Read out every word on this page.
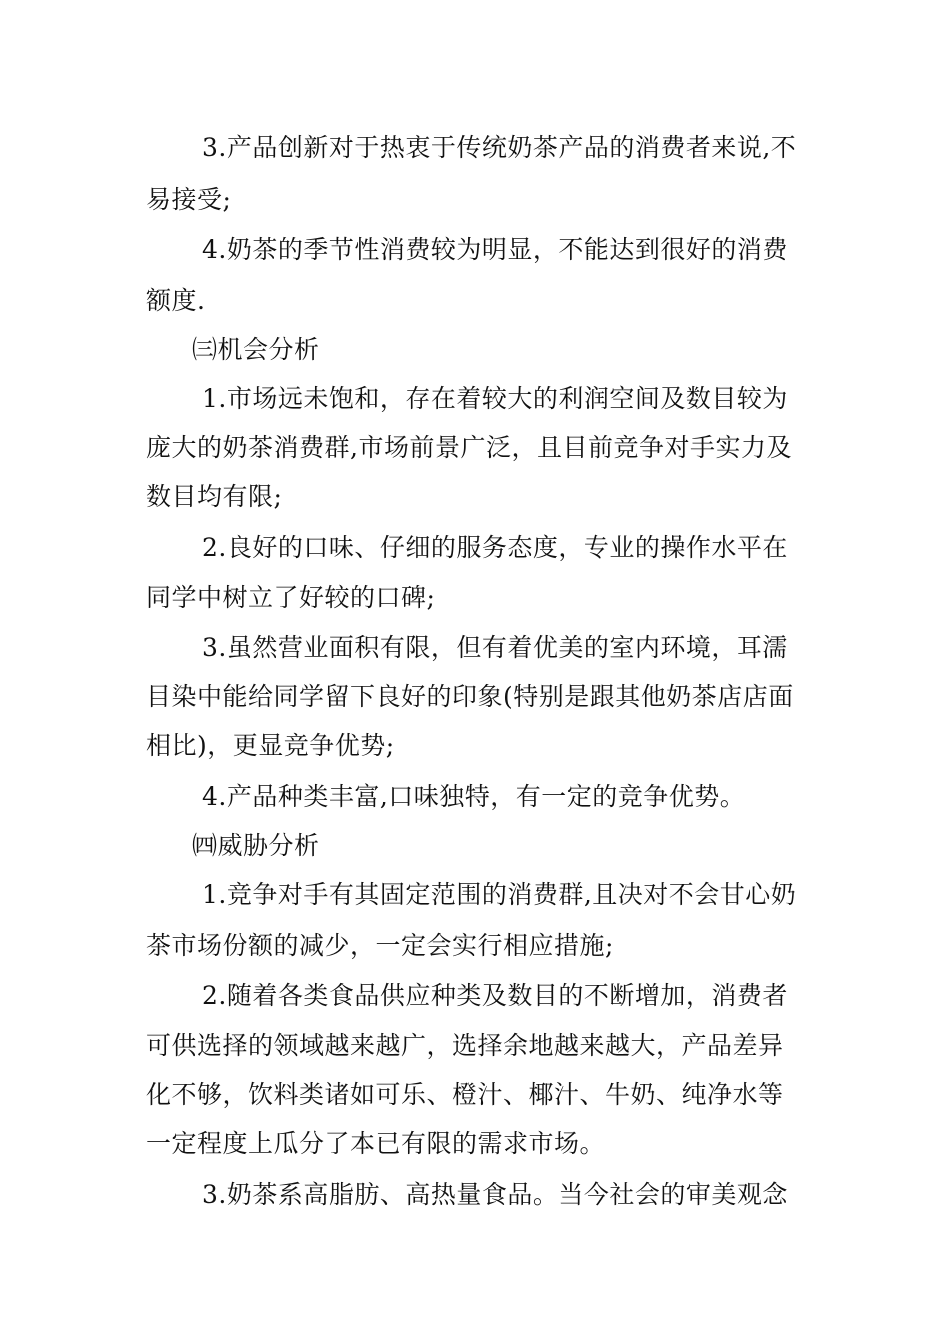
3.产品创新对于热衷于传统奶茶产品的消费者来说,不
易接受;
4.奶茶的季节性消费较为明显，不能达到很好的消费
额度.
㈢机会分析
1.市场远未饱和，存在着较大的利润空间及数目较为
庞大的奶茶消费群,市场前景广泛，且目前竞争对手实力及
数目均有限;
2.良好的口味、仔细的服务态度，专业的操作水平在
同学中树立了好较的口碑;
3.虽然营业面积有限，但有着优美的室内环境，耳濡
目染中能给同学留下良好的印象(特别是跟其他奶茶店店面
相比)，更显竞争优势;
4.产品种类丰富,口味独特，有一定的竞争优势。
㈣威胁分析
1.竞争对手有其固定范围的消费群,且决对不会甘心奶
茶市场份额的减少，一定会实行相应措施;
2.随着各类食品供应种类及数目的不断增加，消费者
可供选择的领域越来越广，选择余地越来越大，产品差异
化不够，饮料类诸如可乐、橙汁、椰汁、牛奶、纯净水等
一定程度上瓜分了本已有限的需求市场。
3.奶茶系高脂肪、高热量食品。当今社会的审美观念
